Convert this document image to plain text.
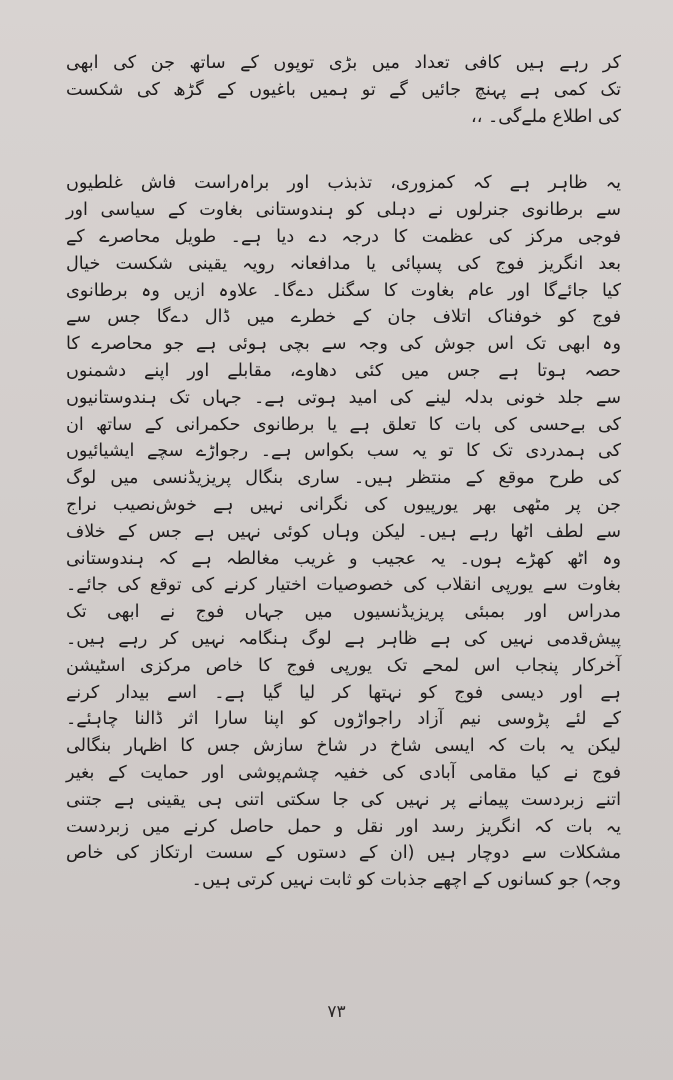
کر رہے ہیں کافی تعداد میں بڑی توپوں کے ساتھ جن کی ابھی
تک کمی ہے پہنچ جائیں گے تو ہمیں باغیوں کے گڑھ کی شکست
کی اطلاع ملےگی۔ ،،

یہ ظاہر ہے کہ کمزوری، تذبذب اور براہ‌راست فاش غلطیوں
سے برطانوی جنرلوں نے دہلی کو ہندوستانی بغاوت کے سیاسی اور
فوجی مرکز کی عظمت کا درجہ دے دیا ہے۔ طویل محاصرے کے
بعد انگریز فوج کی پسپائی یا مدافعانہ رویہ یقینی شکست خیال
کیا جائےگا اور عام بغاوت کا سگنل دےگا۔ علاوہ ازیں وہ برطانوی
فوج کو خوفناک اتلاف جان کے خطرے میں ڈال دےگا جس سے
وہ ابھی تک اس جوش کی وجہ سے بچی ہوئی ہے جو محاصرے کا
حصہ ہوتا ہے جس میں کئی دھاوے، مقابلے اور اپنے دشمنوں
سے جلد خونی بدلہ لینے کی امید ہوتی ہے۔ جہاں تک ہندوستانیوں
کی بےحسی کی بات کا تعلق ہے یا برطانوی حکمرانی کے ساتھ ان
کی ہمدردی تک کا تو یہ سب بکواس ہے۔ رجواڑے سچے ایشیائیوں
کی طرح موقع کے منتظر ہیں۔ ساری بنگال پریزیڈنسی میں لوگ
جن پر مٹھی بھر یورپیوں کی نگرانی نہیں ہے خوش‌نصیب نراج
سے لطف اٹھا رہے ہیں۔ لیکن وہاں کوئی نہیں ہے جس کے خلاف
وہ اٹھ کھڑے ہوں۔ یہ عجیب و غریب مغالطہ ہے کہ ہندوستانی
بغاوت سے یورپی انقلاب کی خصوصیات اختیار کرنے کی توقع کی جائے۔
مدراس اور بمبئی پریزیڈنسیوں میں جہاں فوج نے ابھی تک
پیش‌قدمی نہیں کی ہے ظاہر ہے لوگ ہنگامہ نہیں کر رہے ہیں۔
آخرکار پنجاب اس لمحے تک یورپی فوج کا خاص مرکزی اسٹیشن
ہے اور دیسی فوج کو نہتھا کر لیا گیا ہے۔ اسے بیدار کرنے
کے لئے پڑوسی نیم آزاد راجواڑوں کو اپنا سارا اثر ڈالنا چاہئے۔
لیکن یہ بات کہ ایسی شاخ در شاخ سازش جس کا اظہار بنگالی
فوج نے کیا مقامی آبادی کی خفیہ چشم‌پوشی اور حمایت کے بغیر
اتنے زبردست پیمانے پر نہیں کی جا سکتی اتنی ہی یقینی ہے جتنی
یہ بات کہ انگریز رسد اور نقل و حمل حاصل کرنے میں زبردست
مشکلات سے دوچار ہیں (ان کے دستوں کے سست ارتکاز کی خاص
وجہ) جو کسانوں کے اچھے جذبات کو ثابت نہیں کرتی ہیں۔

۷۳
